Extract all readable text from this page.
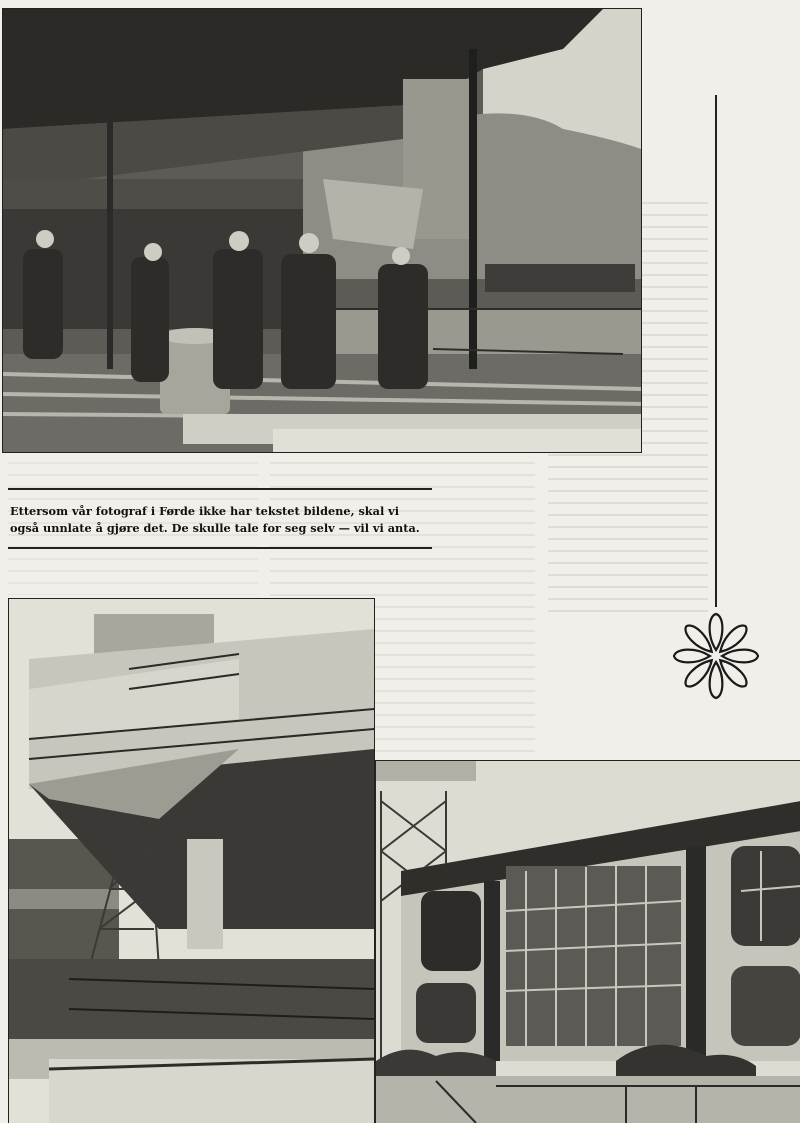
Ettersom vår fotograf i Førde ikke har tekstet bildene, skal vi
også unnlate å gjøre det. De skulle tale for seg selv — vil vi anta.
